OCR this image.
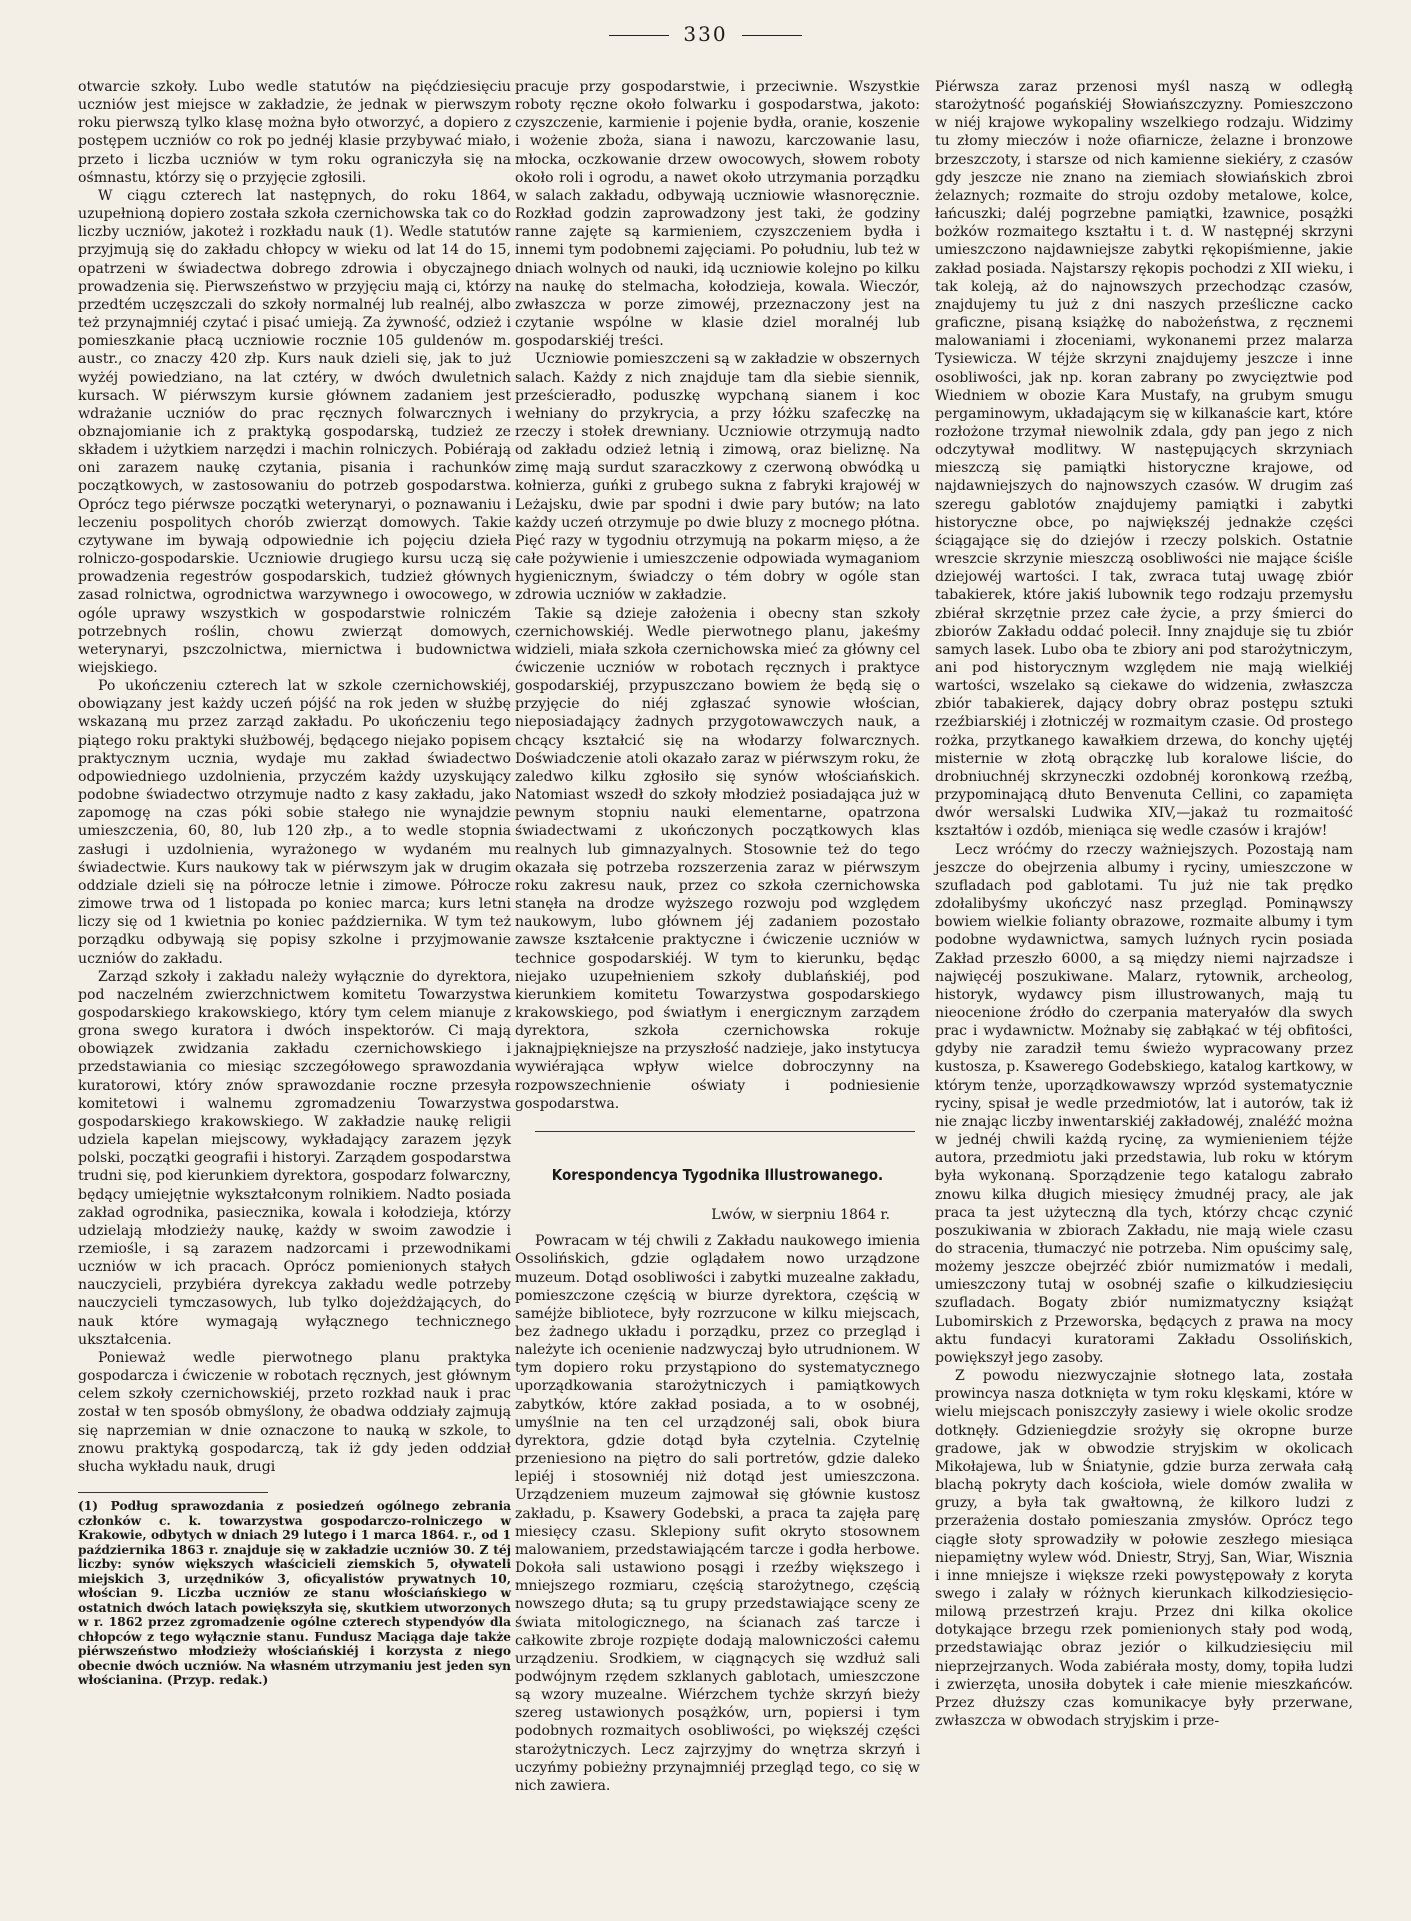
330

otwarcie szkoły. Lubo wedle statutów na pięćdziesięciu uczniów jest miejsce w zakładzie, że jednak w pierwszym roku pierwszą tylko klasę można było otworzyć, a dopiero z postępem uczniów co rok po jednéj klasie przybywać miało, przeto i liczba uczniów w tym roku ograniczyła się na ośmnastu, którzy się o przyjęcie zgłosili.

W ciągu czterech lat następnych, do roku 1864, uzupełnioną dopiero została szkoła czernichowska tak co do liczby uczniów, jakoteż i rozkładu nauk (1). Wedle statutów przyjmują się do zakładu chłopcy w wieku od lat 14 do 15, opatrzeni w świadectwa dobrego zdrowia i obyczajnego prowadzenia się. Pierwszeństwo w przyjęciu mają ci, którzy przedtém uczęszczali do szkoły normalnéj lub realnéj, albo też przynajmniéj czytać i pisać umieją. Za żywność, odzież i pomieszkanie płacą uczniowie rocznie 105 guldenów m. austr., co znaczy 420 złp. Kurs nauk dzieli się, jak to już wyżéj powiedziano, na lat cztéry, w dwóch dwuletnich kursach. W piérwszym kursie głównem zadaniem jest wdrażanie uczniów do prac ręcznych folwarcznych i obznajomianie ich z praktyką gospodarską, tudzież ze składem i użytkiem narzędzi i machin rolniczych. Pobiérają oni zarazem naukę czytania, pisania i rachunków początkowych, w zastosowaniu do potrzeb gospodarstwa. Oprócz tego piérwsze początki weterynaryi, o poznawaniu i leczeniu pospolitych chorób zwierząt domowych. Takie czytywane im bywają odpowiednie ich pojęciu dzieła rolniczo-gospodarskie. Uczniowie drugiego kursu uczą się prowadzenia regestrów gospodarskich, tudzież głównych zasad rolnictwa, ogrodnictwa warzywnego i owocowego, w ogóle uprawy wszystkich w gospodarstwie rolniczém potrzebnych roślin, chowu zwierząt domowych, weterynaryi, pszczolnictwa, miernictwa i budownictwa wiejskiego.

Po ukończeniu czterech lat w szkole czernichowskiéj, obowiązany jest każdy uczeń pójść na rok jeden w służbę wskazaną mu przez zarząd zakładu. Po ukończeniu tego piątego roku praktyki służbowéj, będącego niejako popisem praktycznym ucznia, wydaje mu zakład świadectwo odpowiedniego uzdolnienia, przyczém każdy uzyskujący podobne świadectwo otrzymuje nadto z kasy zakładu, jako zapomogę na czas póki sobie stałego nie wynajdzie umieszczenia, 60, 80, lub 120 złp., a to wedle stopnia zasługi i uzdolnienia, wyrażonego w wydaném mu świadectwie. Kurs naukowy tak w piérwszym jak w drugim oddziale dzieli się na półrocze letnie i zimowe. Półrocze zimowe trwa od 1 listopada po koniec marca; kurs letni liczy się od 1 kwietnia po koniec października. W tym też porządku odbywają się popisy szkolne i przyjmowanie uczniów do zakładu.

Zarząd szkoły i zakładu należy wyłącznie do dyrektora, pod naczelném zwierzchnictwem komitetu Towarzystwa gospodarskiego krakowskiego, który tym celem mianuje z grona swego kuratora i dwóch inspektorów. Ci mają obowiązek zwidzania zakładu czernichowskiego i przedstawiania co miesiąc szczegółowego sprawozdania kuratorowi, który znów sprawozdanie roczne przesyła komitetowi i walnemu zgromadzeniu Towarzystwa gospodarskiego krakowskiego. W zakładzie naukę religii udziela kapelan miejscowy, wykładający zarazem język polski, początki geografii i historyi. Zarządem gospodarstwa trudni się, pod kierunkiem dyrektora, gospodarz folwarczny, będący umiejętnie wykształconym rolnikiem. Nadto posiada zakład ogrodnika, pasiecznika, kowala i kołodzieja, którzy udzielają młodzieży naukę, każdy w swoim zawodzie i rzemiośle, i są zarazem nadzorcami i przewodnikami uczniów w ich pracach. Oprócz pomienionych stałych nauczycieli, przybiéra dyrekcya zakładu wedle potrzeby nauczycieli tymczasowych, lub tylko dojeżdżających, do nauk które wymagają wyłącznego technicznego ukształcenia.

Ponieważ wedle pierwotnego planu praktyka gospodarcza i ćwiczenie w robotach ręcznych, jest głównym celem szkoły czernichowskiéj, przeto rozkład nauk i prac został w ten sposób obmyślony, że obadwa oddziały zajmują się naprzemian w dnie oznaczone to nauką w szkole, to znowu praktyką gospodarczą, tak iż gdy jeden oddział słucha wykładu nauk, drugi

(1) Podług sprawozdania z posiedzeń ogólnego zebrania członków c. k. towarzystwa gospodarczo-rolniczego w Krakowie, odbytych w dniach 29 lutego i 1 marca 1864. r., od 1 października 1863 r. znajduje się w zakładzie uczniów 30. Z téj liczby: synów większych właścicieli ziemskich 5, oływateli miejskich 3, urzędników 3, oficyalistów prywatnych 10, włościan 9. Liczba uczniów ze stanu włościańskiego w ostatnich dwóch latach powiększyła się, skutkiem utworzonych w r. 1862 przez zgromadzenie ogólne czterech stypendyów dla chłopców z tego wyłącznie stanu. Fundusz Maciąga daje także piérwszeństwo młodzieży włościańskiéj i korzysta z niego obecnie dwóch uczniów. Na własném utrzymaniu jest jeden syn włościanina. (Przyp. redak.)

pracuje przy gospodarstwie, i przeciwnie. Wszystkie roboty ręczne około folwarku i gospodarstwa, jakoto: czyszczenie, karmienie i pojenie bydła, oranie, koszenie i wożenie zboża, siana i nawozu, karczowanie lasu, młocka, oczkowanie drzew owocowych, słowem roboty około roli i ogrodu, a nawet około utrzymania porządku w salach zakładu, odbywają uczniowie własnoręcznie. Rozkład godzin zaprowadzony jest taki, że godziny ranne zajęte są karmieniem, czyszczeniem bydła i innemi tym podobnemi zajęciami. Po południu, lub też w dniach wolnych od nauki, idą uczniowie kolejno po kilku na naukę do stelmacha, kołodzieja, kowala. Wieczór, zwłaszcza w porze zimowéj, przeznaczony jest na czytanie wspólne w klasie dziel moralnéj lub gospodarskiéj treści.

Uczniowie pomieszczeni są w zakładzie w obszernych salach. Każdy z nich znajduje tam dla siebie siennik, prześcieradło, poduszkę wypchaną sianem i koc wełniany do przykrycia, a przy łóżku szafeczkę na rzeczy i stołek drewniany. Uczniowie otrzymują nadto od zakładu odzież letnią i zimową, oraz bieliznę. Na zimę mają surdut szaraczkowy z czerwoną obwódką u kołnierza, guńki z grubego sukna z fabryki krajowéj w Leżajsku, dwie par spodni i dwie pary butów; na lato każdy uczeń otrzymuje po dwie bluzy z mocnego płótna. Pięć razy w tygodniu otrzymują na pokarm mięso, a że całe pożywienie i umieszczenie odpowiada wymaganiom hygienicznym, świadczy o tém dobry w ogóle stan zdrowia uczniów w zakładzie.

Takie są dzieje założenia i obecny stan szkoły czernichowskiéj. Wedle pierwotnego planu, jakeśmy widzieli, miała szkoła czernichowska mieć za główny cel ćwiczenie uczniów w robotach ręcznych i praktyce gospodarskiéj, przypuszczano bowiem że będą się o przyjęcie do niéj zgłaszać synowie włościan, nieposiadający żadnych przygotowawczych nauk, a chcący kształcić się na włodarzy folwarcznych. Doświadczenie atoli okazało zaraz w piérwszym roku, że zaledwo kilku zgłosiło się synów włościańskich. Natomiast wszedł do szkoły młodzież posiadająca już w pewnym stopniu nauki elementarne, opatrzona świadectwami z ukończonych początkowych klas realnych lub gimnazyalnych. Stosownie też do tego okazała się potrzeba rozszerzenia zaraz w piérwszym roku zakresu nauk, przez co szkoła czernichowska stanęła na drodze wyższego rozwoju pod względem naukowym, lubo głównem jéj zadaniem pozostało zawsze kształcenie praktyczne i ćwiczenie uczniów w technice gospodarskiéj. W tym to kierunku, będąc niejako uzupełnieniem szkoły dublańskiéj, pod kierunkiem komitetu Towarzystwa gospodarskiego krakowskiego, pod światłym i energicznym zarządem dyrektora, szkoła czernichowska rokuje jaknajpiękniejsze na przyszłość nadzieje, jako instytucya wywiérająca wpływ wielce dobroczynny na rozpowszechnienie oświaty i podniesienie gospodarstwa.

Korespondencya Tygodnika Illustrowanego.
Lwów, w sierpniu 1864 r.

Powracam w téj chwili z Zakładu naukowego imienia Ossolińskich, gdzie oglądałem nowo urządzone muzeum. Dotąd osobliwości i zabytki muzealne zakładu, pomieszczone częścią w biurze dyrektora, częścią w saméjże bibliotece, były rozrzucone w kilku miejscach, bez żadnego układu i porządku, przez co przegląd i należyte ich ocenienie nadzwyczaj było utrudnionem. W tym dopiero roku przystąpiono do systematycznego uporządkowania starożytniczych i pamiątkowych zabytków, które zakład posiada, a to w osobnéj, umyślnie na ten cel urządzonéj sali, obok biura dyrektora, gdzie dotąd była czytelnia. Czytelnię przeniesiono na piętro do sali portretów, gdzie daleko lepiéj i stosowniéj niż dotąd jest umieszczona. Urządzeniem muzeum zajmował się głównie kustosz zakładu, p. Ksawery Godebski, a praca ta zajęła parę miesięcy czasu. Sklepiony sufit okryto stosownem malowaniem, przedstawiającém tarcze i godła herbowe. Dokoła sali ustawiono posągi i rzeźby większego i mniejszego rozmiaru, częścią starożytnego, częścią nowszego dłuta; są tu grupy przedstawiające sceny ze świata mitologicznego, na ścianach zaś tarcze i całkowite zbroje rozpięte dodają malowniczości całemu urządzeniu. Srodkiem, w ciągnących się wzdłuż sali podwójnym rzędem szklanych gablotach, umieszczone są wzory muzealne. Wiérzchem tychże skrzyń bieży szereg ustawionych posążków, urn, popiersi i tym podobnych rozmaitych osobliwości, po większéj części starożytniczych. Lecz zajrzyjmy do wnętrza skrzyń i uczyńmy pobieżny przynajmniéj przegląd tego, co się w nich zawiera.

Piérwsza zaraz przenosi myśl naszą w odległą starożytność pogańskiéj Słowiańszczyzny. Pomieszczono w niéj krajowe wykopaliny wszelkiego rodzaju. Widzimy tu złomy mieczów i noże ofiarnicze, żelazne i bronzowe brzeszczoty, i starsze od nich kamienne siekiéry, z czasów gdy jeszcze nie znano na ziemiach słowiańskich zbroi żelaznych; rozmaite do stroju ozdoby metalowe, kolce, łańcuszki; daléj pogrzebne pamiątki, łzawnice, posążki bożków rozmaitego kształtu i t. d. W następnéj skrzyni umieszczono najdawniejsze zabytki rękopiśmienne, jakie zakład posiada. Najstarszy rękopis pochodzi z XII wieku, i tak koleją, aż do najnowszych przechodząc czasów, znajdujemy tu już z dni naszych prześliczne cacko graficzne, pisaną książkę do nabożeństwa, z ręcznemi malowaniami i złoceniami, wykonanemi przez malarza Tysiewicza. W téjże skrzyni znajdujemy jeszcze i inne osobliwości, jak np. koran zabrany po zwycięztwie pod Wiedniem w obozie Kara Mustafy, na grubym smugu pergaminowym, układającym się w kilkanaście kart, które rozłożone trzymał niewolnik zdala, gdy pan jego z nich odczytywał modlitwy. W następujących skrzyniach mieszczą się pamiątki historyczne krajowe, od najdawniejszych do najnowszych czasów. W drugim zaś szeregu gablotów znajdujemy pamiątki i zabytki historyczne obce, po największéj jednakże części ściągające się do dziejów i rzeczy polskich. Ostatnie wreszcie skrzynie mieszczą osobliwości nie mające ściśle dziejowéj wartości. I tak, zwraca tutaj uwagę zbiór tabakierek, które jakiś lubownik tego rodzaju przemysłu zbiérał skrzętnie przez całe życie, a przy śmierci do zbiorów Zakładu oddać polecił. Inny znajduje się tu zbiór samych lasek. Lubo oba te zbiory ani pod starożytniczym, ani pod historycznym względem nie mają wielkiéj wartości, wszelako są ciekawe do widzenia, zwłaszcza zbiór tabakierek, dający dobry obraz postępu sztuki rzeźbiarskiéj i złotniczéj w rozmaitym czasie. Od prostego rożka, przytkanego kawałkiem drzewa, do konchy ujętéj misternie w złotą obrączkę lub koralowe liście, do drobniuchnéj skrzyneczki ozdobnéj koronkową rzeźbą, przypominającą dłuto Benvenuta Cellini, co zapamięta dwór wersalski Ludwika XIV,—jakaż tu rozmaitość kształtów i ozdób, mieniąca się wedle czasów i krajów!

Lecz wróćmy do rzeczy ważniejszych. Pozostają nam jeszcze do obejrzenia albumy i ryciny, umieszczone w szufladach pod gablotami. Tu już nie tak prędko zdołalibyśmy ukończyć nasz przegląd. Pominąwszy bowiem wielkie folianty obrazowe, rozmaite albumy i tym podobne wydawnictwa, samych luźnych rycin posiada Zakład przeszło 6000, a są między niemi najrzadsze i najwięcéj poszukiwane. Malarz, rytownik, archeolog, historyk, wydawcy pism illustrowanych, mają tu nieocenione źródło do czerpania materyałów dla swych prac i wydawnictw. Możnaby się zabłąkać w téj obfitości, gdyby nie zaradził temu świeżo wypracowany przez kustosza, p. Ksawerego Godebskiego, katalog kartkowy, w którym tenże, uporządkowawszy wprzód systematycznie ryciny, spisał je wedle przedmiotów, lat i autorów, tak iż nie znając liczby inwentarskiéj zakładowéj, znaléźć można w jednéj chwili każdą rycinę, za wymienieniem téjże autora, przedmiotu jaki przedstawia, lub roku w którym była wykonaną. Sporządzenie tego katalogu zabrało znowu kilka długich miesięcy żmudnéj pracy, ale jak praca ta jest użyteczną dla tych, którzy chcąc czynić poszukiwania w zbiorach Zakładu, nie mają wiele czasu do stracenia, tłumaczyć nie potrzeba. Nim opuścimy salę, możemy jeszcze obejrzéć zbiór numizmatów i medali, umieszczony tutaj w osobnéj szafie o kilkudziesięciu szufladach. Bogaty zbiór numizmatyczny książąt Lubomirskich z Przeworska, będących z prawa na mocy aktu fundacyi kuratorami Zakładu Ossolińskich, powiększył jego zasoby.

Z powodu niezwyczajnie słotnego lata, została prowincya nasza dotknięta w tym roku klęskami, które w wielu miejscach poniszczyły zasiewy i wiele okolic srodze dotknęły. Gdzieniegdzie srożyły się okropne burze gradowe, jak w obwodzie stryjskim w okolicach Mikołajewa, lub w Śniatynie, gdzie burza zerwała całą blachą pokryty dach kościoła, wiele domów zwaliła w gruzy, a była tak gwałtowną, że kilkoro ludzi z przerażenia dostało pomieszania zmysłów. Oprócz tego ciągłe słoty sprowadziły w połowie zeszłego miesiąca niepamiętny wylew wód. Dniestr, Stryj, San, Wiar, Wisznia i inne mniejsze i większe rzeki powystępowały z koryta swego i zalały w różnych kierunkach kilkodziesięcio-milową przestrzeń kraju. Przez dni kilka okolice dotykające brzegu rzek pomienionych stały pod wodą, przedstawiając obraz jeziór o kilkudziesięciu mil nieprzejrzanych. Woda zabiérała mosty, domy, topiła ludzi i zwierzęta, unosiła dobytek i całe mienie mieszkańców. Przez dłuższy czas komunikacye były przerwane, zwłaszcza w obwodach stryjskim i prze-
